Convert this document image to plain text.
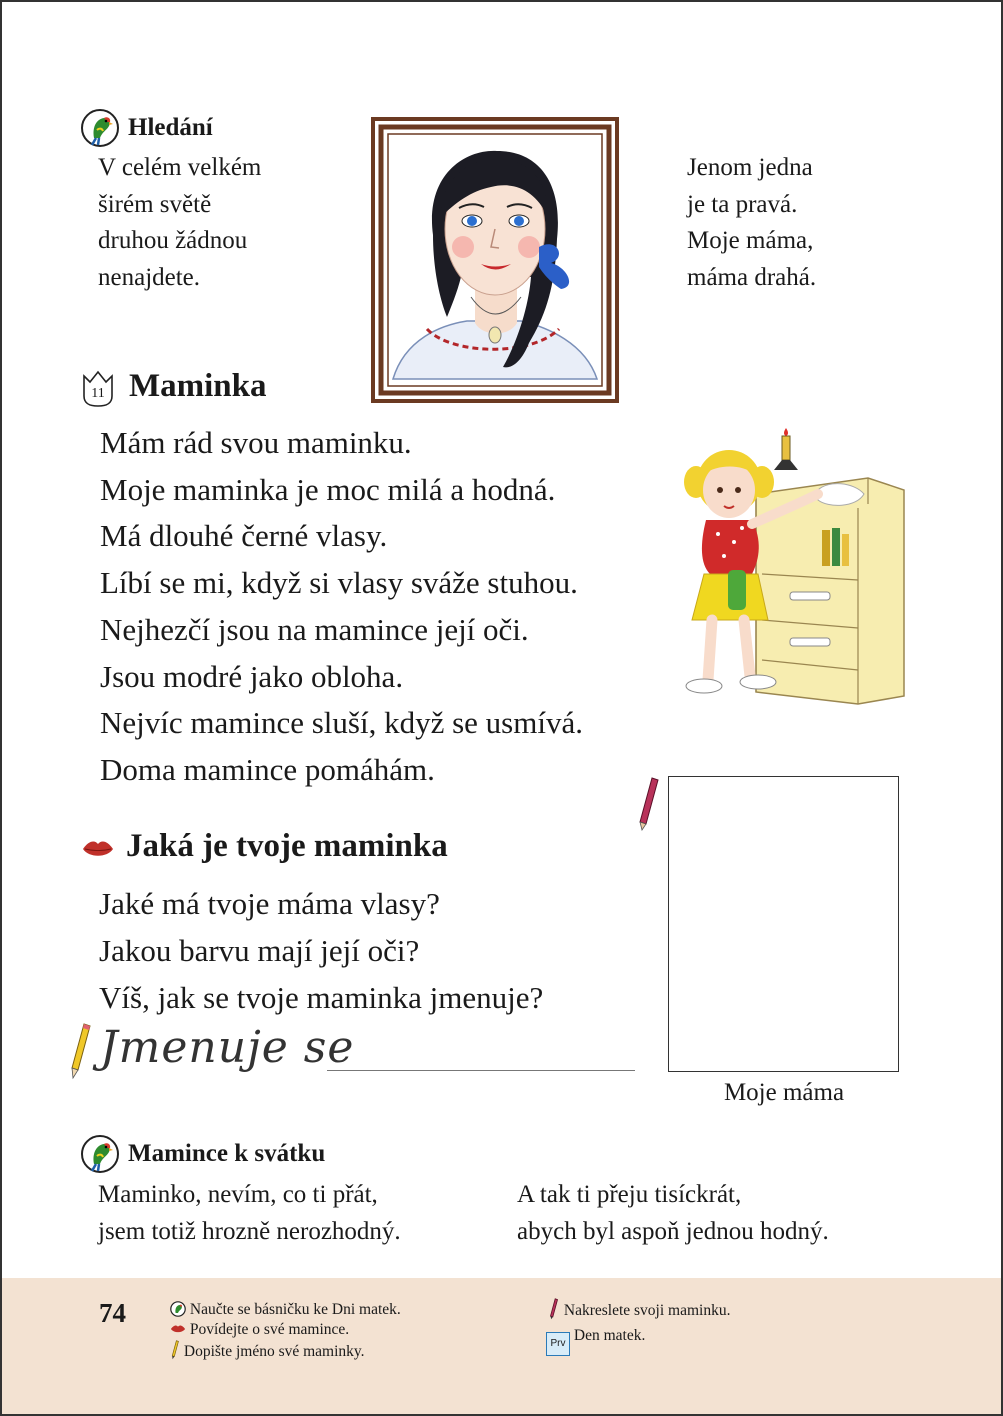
Hledání
V celém velkém
širém světě
druhou žádnou
nenajdete.
Jenom jedna
je ta pravá.
Moje máma,
máma drahá.
11 Maminka
Mám rád svou maminku.
Moje maminka je moc milá a hodná.
Má dlouhé černé vlasy.
Líbí se mi, když si vlasy sváže stuhou.
Nejhezčí jsou na mamince její oči.
Jsou modré jako obloha.
Nejvíc mamince sluší, když se usmívá.
Doma mamince pomáhám.
Jaká je tvoje maminka
Jaké má tvoje máma vlasy?
Jakou barvu mají její oči?
Víš, jak se tvoje maminka jmenuje?
Moje máma
Jmenuje se
Mamince k svátku
Maminko, nevím, co ti přát,
jsem totiž hrozně nerozhodný.
A tak ti přeju tisíckrát,
abych byl aspoň jednou hodný.
74	Naučte se básničku ke Dni matek.
Povídejte o své mamince.
Dopište jméno své maminky.
Nakreslete svoji maminku.
Prv Den matek.
